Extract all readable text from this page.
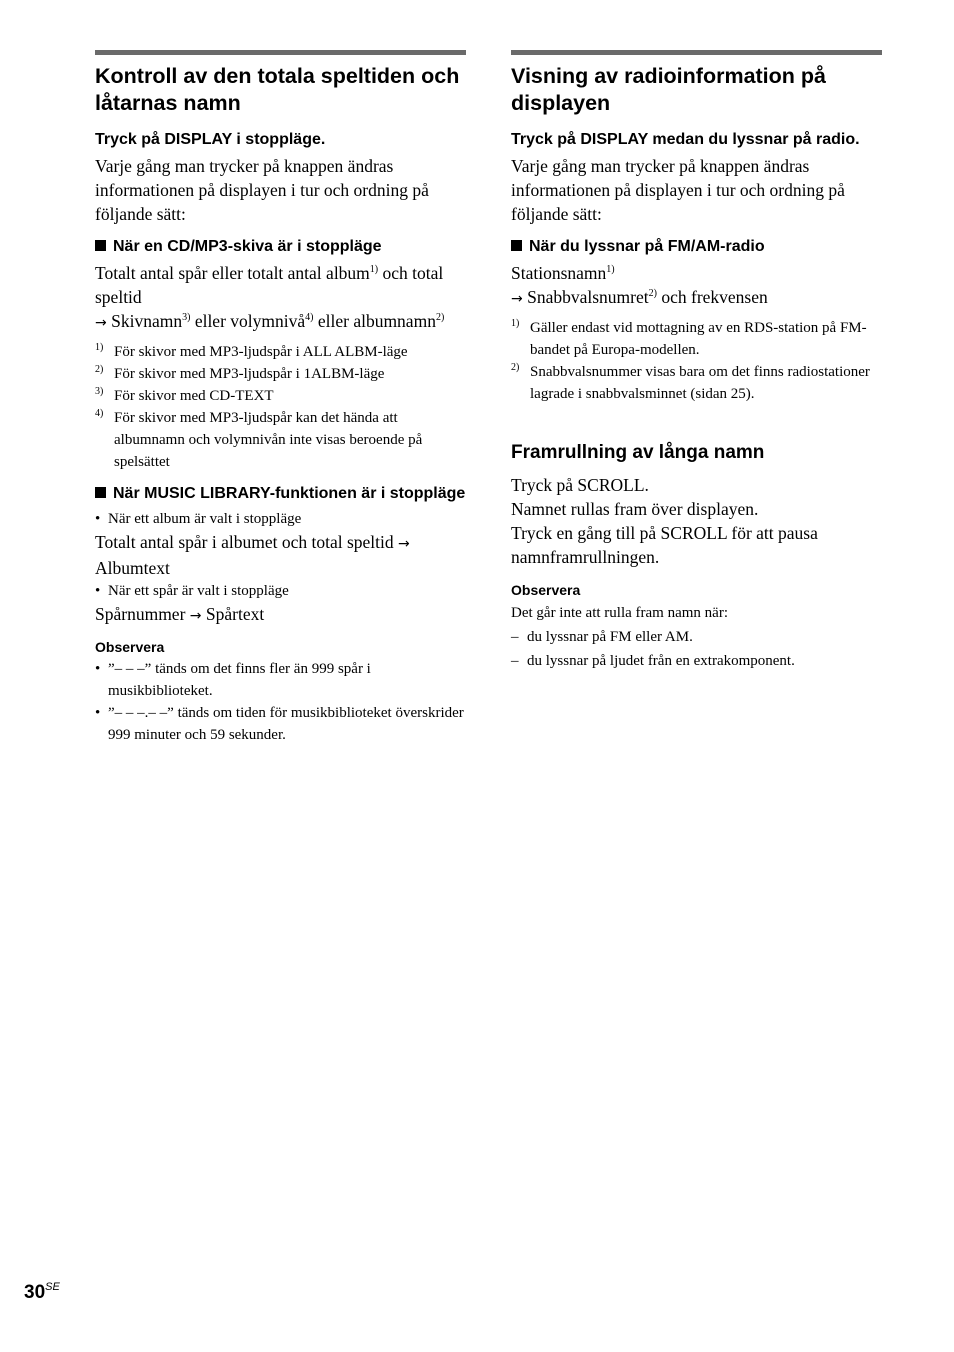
Kontroll av den totala speltiden och låtarnas namn

Tryck på DISPLAY i stoppläge.

Varje gång man trycker på knappen ändras informationen på displayen i tur och ordning på följande sätt:

När en CD/MP3-skiva är i stoppläge

Totalt antal spår eller totalt antal album$^{1)}$ och total speltid
→ Skivnamn$^{3)}$ eller volymnivå$^{4)}$ eller albumnamn$^{2)}$

1) För skivor med MP3-ljudspår i ALL ALBM-läge

2) För skivor med MP3-ljudspår i 1ALBM-läge

3) För skivor med CD-TEXT

4) För skivor med MP3-ljudspår kan det hända att albumnamn och volymnivån inte visas beroende på spelsättet

När MUSIC LIBRARY-funktionen är i stoppläge

• När ett album är valt i stoppläge

Totalt antal spår i albumet och total speltid → Albumtext

• När ett spår är valt i stoppläge

Spårnummer → Spårtext

Observera

• ”– – –” tänds om det finns fler än 999 spår i musikbiblioteket.

• ”– – –.– –” tänds om tiden för musikbiblioteket överskrider 999 minuter och 59 sekunder.

Visning av radioinformation på displayen

Tryck på DISPLAY medan du lyssnar på radio.

Varje gång man trycker på knappen ändras informationen på displayen i tur och ordning på följande sätt:

När du lyssnar på FM/AM-radio

Stationsnamn$^{1)}$
→ Snabbvalsnumret$^{2)}$ och frekvensen

1) Gäller endast vid mottagning av en RDS-station på FM-bandet på Europa-modellen.

2) Snabbvalsnummer visas bara om det finns radiostationer lagrade i snabbvalsminnet (sidan 25).

Framrullning av långa namn

Tryck på SCROLL.
Namnet rullas fram över displayen.
Tryck en gång till på SCROLL för att pausa namnframrullningen.

Observera

Det går inte att rulla fram namn när:

– du lyssnar på FM eller AM.

– du lyssnar på ljudet från en extrakomponent.

$30^{SE}$
